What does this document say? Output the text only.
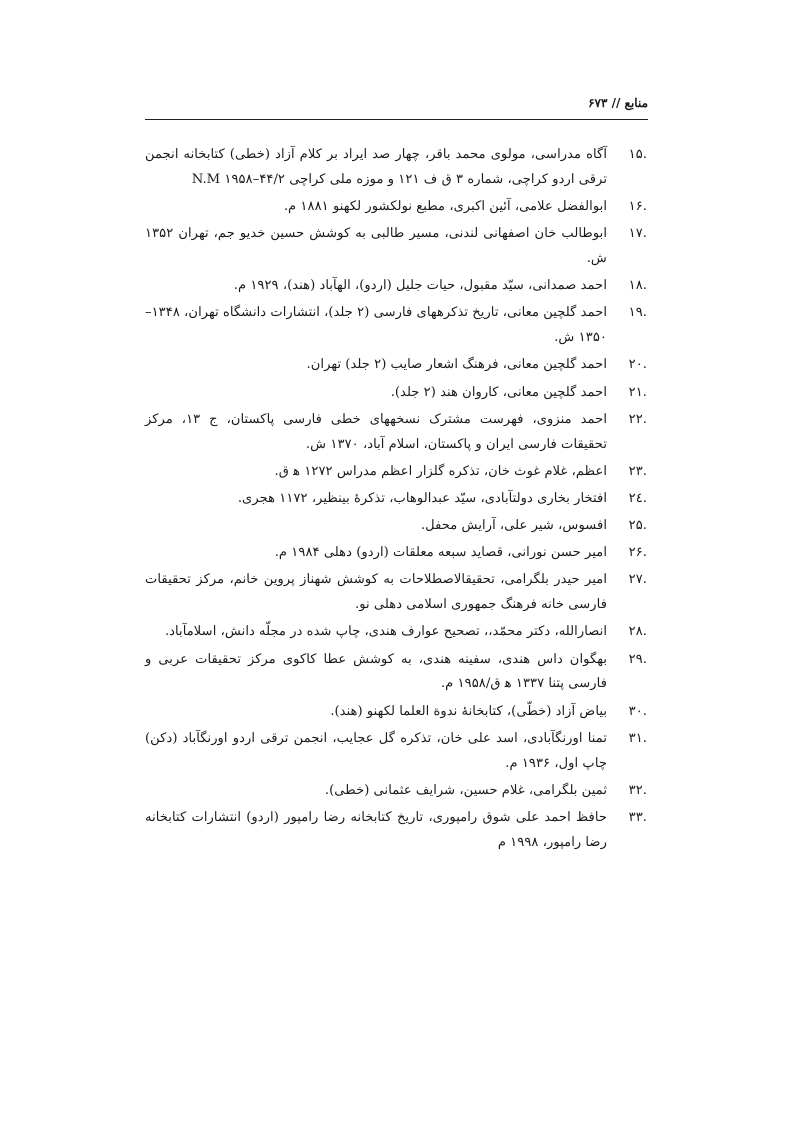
منابع // ۶۷۳
.۱۵
آگاه مدراسی، مولوی محمد باقر، چهار صد ایراد بر کلام آزاد (خطی) کتابخانه انجمن ترقی اردو کراچی، شماره ۳ ق ف ۱۲۱ و موزه ملی کراچی ۴۴/۲–۱۹۵۸ N.M
.۱۶
ابوالفضل علامی، آئین اکبری، مطبع نولکشور لکهنو ۱۸۸۱ م.
.۱۷
ابوطالب خان اصفهانی لندنی، مسیر طالبی به کوشش حسین خدیو جم، تهران ۱۳۵۲ ش.
.۱۸
احمد صمدانی، سیّد مقبول، حیات جلیل (اردو)، الهآباد (هند)، ۱۹۲۹ م.
.۱۹
احمد گلچین معانی، تاریخ تذکرههای فارسی (۲ جلد)، انتشارات دانشگاه تهران، ۱۳۴۸– ۱۳۵۰ ش.
.۲۰
احمد گلچین معانی، فرهنگ اشعار صایب (۲ جلد) تهران.
.۲۱
احمد گلچین معانی، کاروان هند (۲ جلد).
.۲۲
احمد منزوی، فهرست مشترک نسخههای خطی فارسی پاکستان، ج ۱۳، مرکز تحقیقات فارسی ایران و پاکستان، اسلام آباد، ۱۳۷۰ ش.
.۲۳
اعظم، غلام غوث خان، تذکره گلزار اعظم مدراس ۱۲۷۲ ه‍ ق.
.۲٤
افتخار بخاری دولتآبادی، سیّد عبدالوهاب، تذکرهٔ بینظیر، ۱۱۷۲ هجری.
.۲۵
افسوس، شیر علی، آرایش محفل.
.۲۶
امیر حسن نورانی، قصاید سبعه معلقات (اردو) دهلی ۱۹۸۴ م.
.۲۷
امیر حیدر بلگرامی، تحقیقالاصطلاحات به کوشش شهناز پروین خانم، مرکز تحقیقات فارسی خانه فرهنگ جمهوری اسلامی دهلی نو.
.۲۸
انصارالله، دکتر محمّد،، تصحیح عوارف هندی، چاپ شده در مجلّه دانش، اسلامآباد.
.۲۹
بهگوان داس هندی، سفینه هندی، به کوشش عطا کاکوی مرکز تحقیقات عربی و فارسی پتنا ۱۳۳۷ ه‍ ق/۱۹۵۸ م.
.۳۰
بیاض آزاد (خطّی)، کتابخانهٔ ندوة العلما لکهنو (هند).
.۳۱
تمنا اورنگآبادی، اسد علی خان، تذکره گل عجایب، انجمن ترقی اردو اورنگآباد (دکن) چاپ اول، ۱۹۳۶ م.
.۳۲
ثمین بلگرامی، غلام حسین، شرایف عثمانی (خطی).
.۳۳
حافظ احمد علی شوق رامپوری، تاریخ کتابخانه رضا رامپور (اردو) انتشارات کتابخانه رضا رامپور، ۱۹۹۸ م
